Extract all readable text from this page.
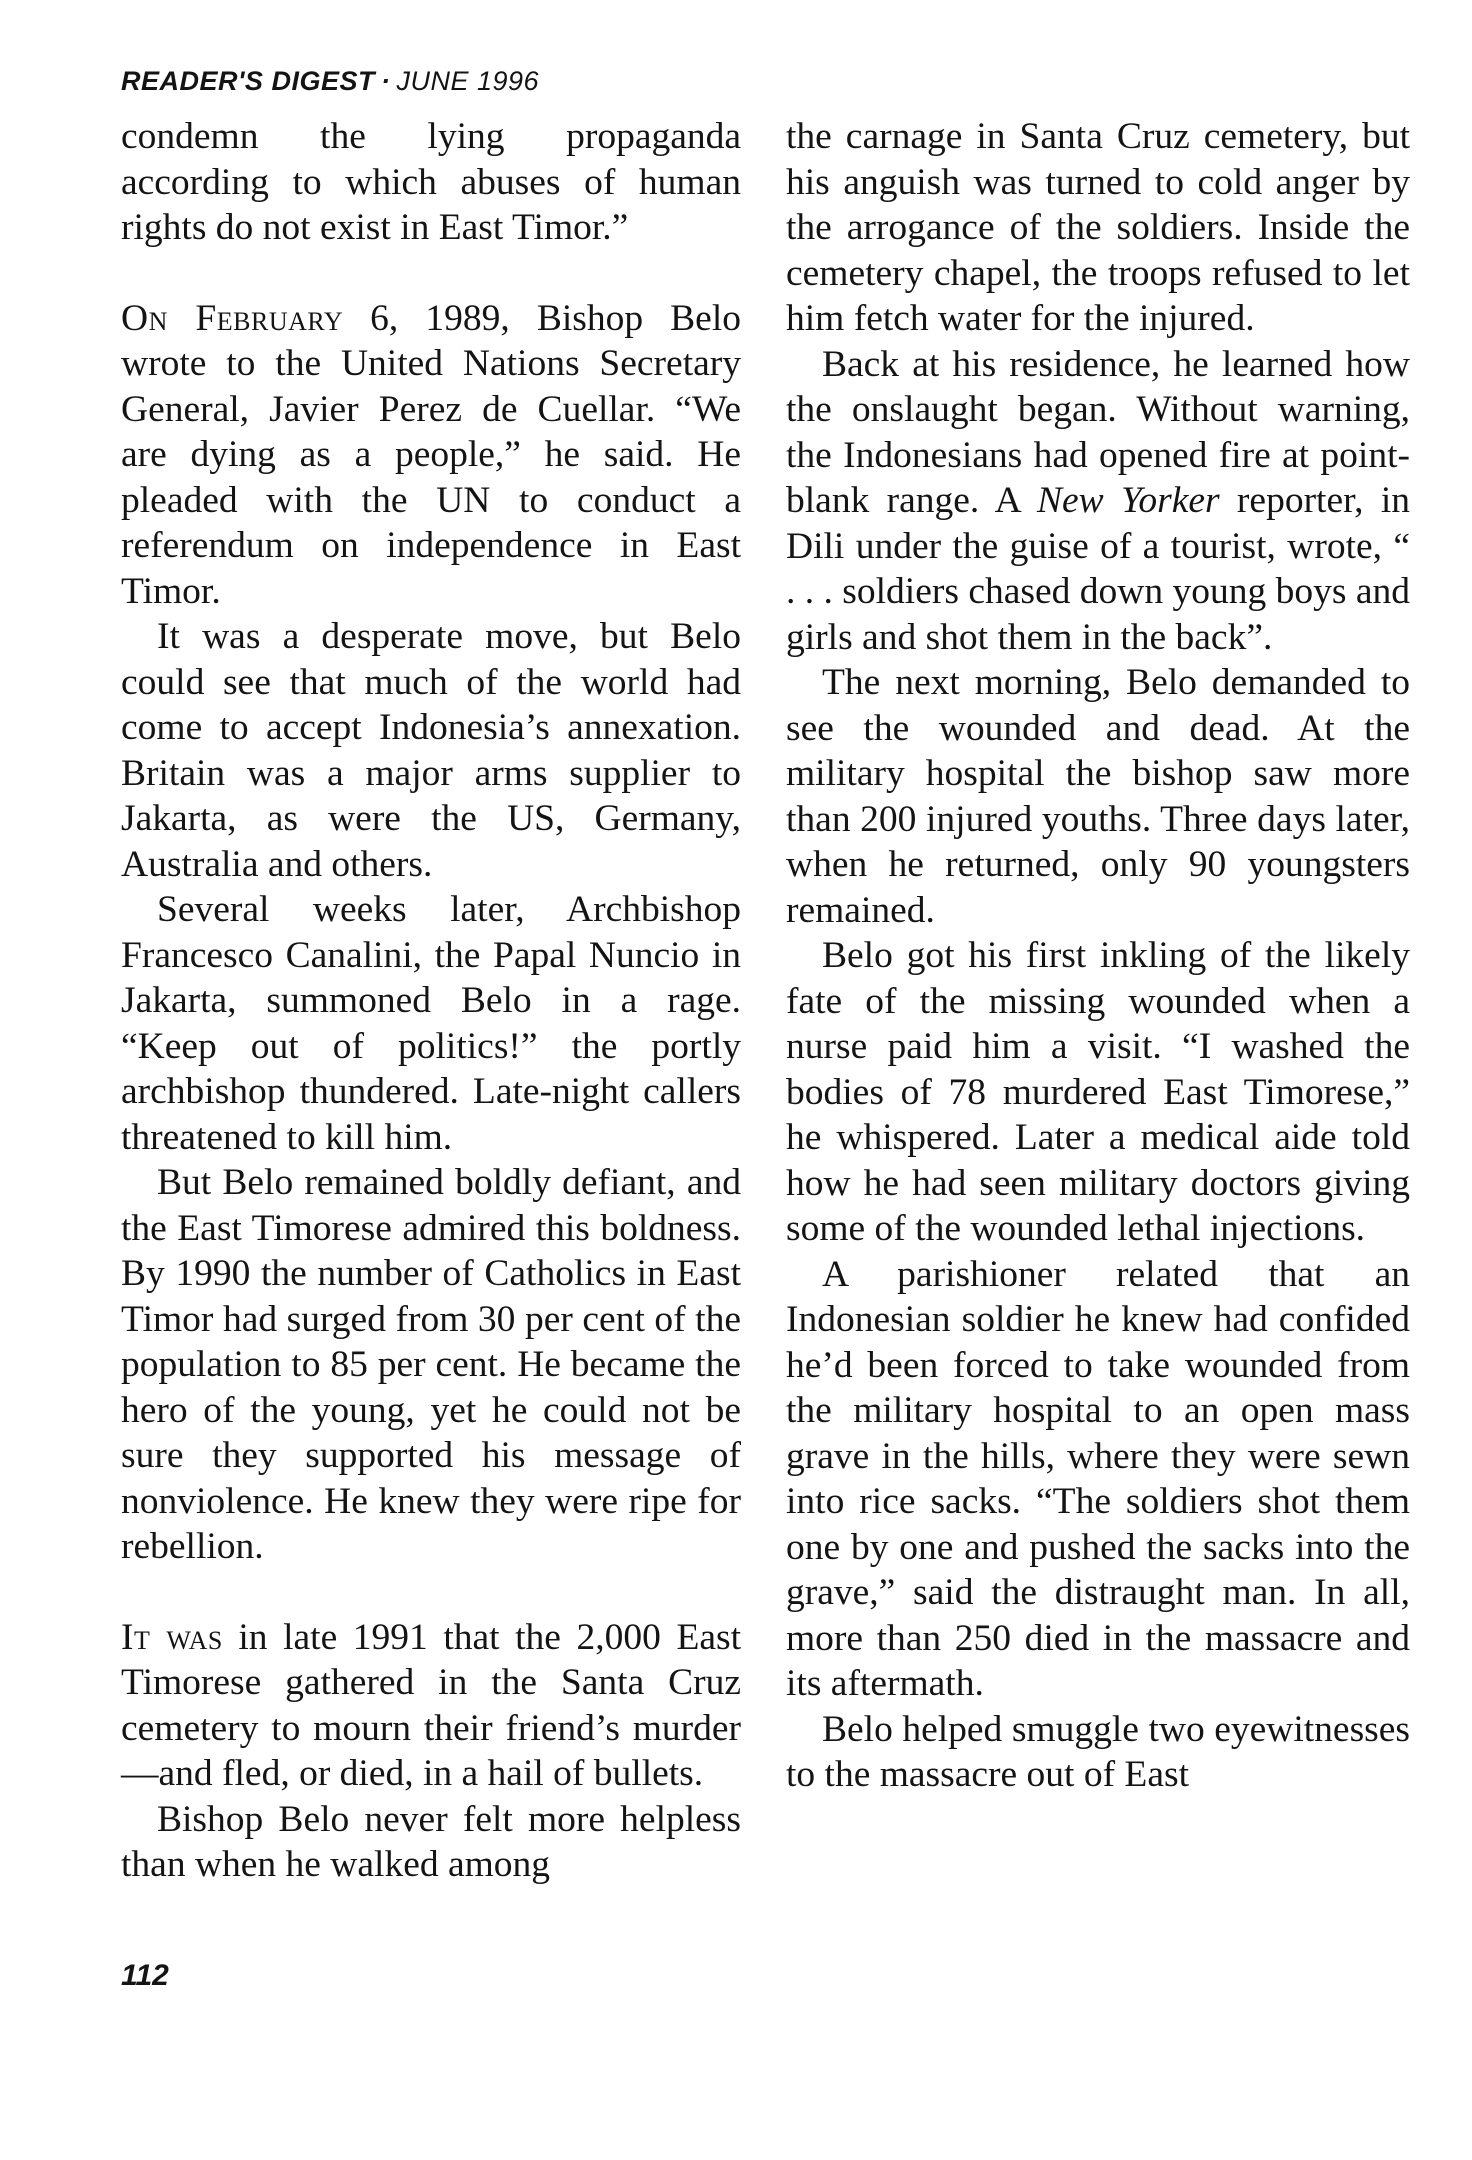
READER'S DIGEST · JUNE 1996

condemn the lying propaganda according to which abuses of human rights do not exist in East Timor.”

On February 6, 1989, Bishop Belo wrote to the United Nations Secretary General, Javier Perez de Cuellar. “We are dying as a people,” he said. He pleaded with the UN to conduct a referendum on independence in East Timor.

It was a desperate move, but Belo could see that much of the world had come to accept Indonesia’s annexation. Britain was a major arms supplier to Jakarta, as were the US, Germany, Australia and others.

Several weeks later, Archbishop Francesco Canalini, the Papal Nuncio in Jakarta, summoned Belo in a rage. “Keep out of politics!” the portly archbishop thundered. Late-night callers threatened to kill him.

But Belo remained boldly defiant, and the East Timorese admired this boldness. By 1990 the number of Catholics in East Timor had surged from 30 per cent of the population to 85 per cent. He became the hero of the young, yet he could not be sure they supported his message of nonviolence. He knew they were ripe for rebellion.

It was in late 1991 that the 2,000 East Timorese gathered in the Santa Cruz cemetery to mourn their friend’s murder—and fled, or died, in a hail of bullets.

Bishop Belo never felt more helpless than when he walked among

the carnage in Santa Cruz cemetery, but his anguish was turned to cold anger by the arrogance of the soldiers. Inside the cemetery chapel, the troops refused to let him fetch water for the injured.

Back at his residence, he learned how the onslaught began. Without warning, the Indonesians had opened fire at point-blank range. A New Yorker reporter, in Dili under the guise of a tourist, wrote, “ . . . soldiers chased down young boys and girls and shot them in the back”.

The next morning, Belo demanded to see the wounded and dead. At the military hospital the bishop saw more than 200 injured youths. Three days later, when he returned, only 90 youngsters remained.

Belo got his first inkling of the likely fate of the missing wounded when a nurse paid him a visit. “I washed the bodies of 78 murdered East Timorese,” he whispered. Later a medical aide told how he had seen military doctors giving some of the wounded lethal injections.

A parishioner related that an Indonesian soldier he knew had confided he’d been forced to take wounded from the military hospital to an open mass grave in the hills, where they were sewn into rice sacks. “The soldiers shot them one by one and pushed the sacks into the grave,” said the distraught man. In all, more than 250 died in the massacre and its aftermath.

Belo helped smuggle two eyewitnesses to the massacre out of East

112
